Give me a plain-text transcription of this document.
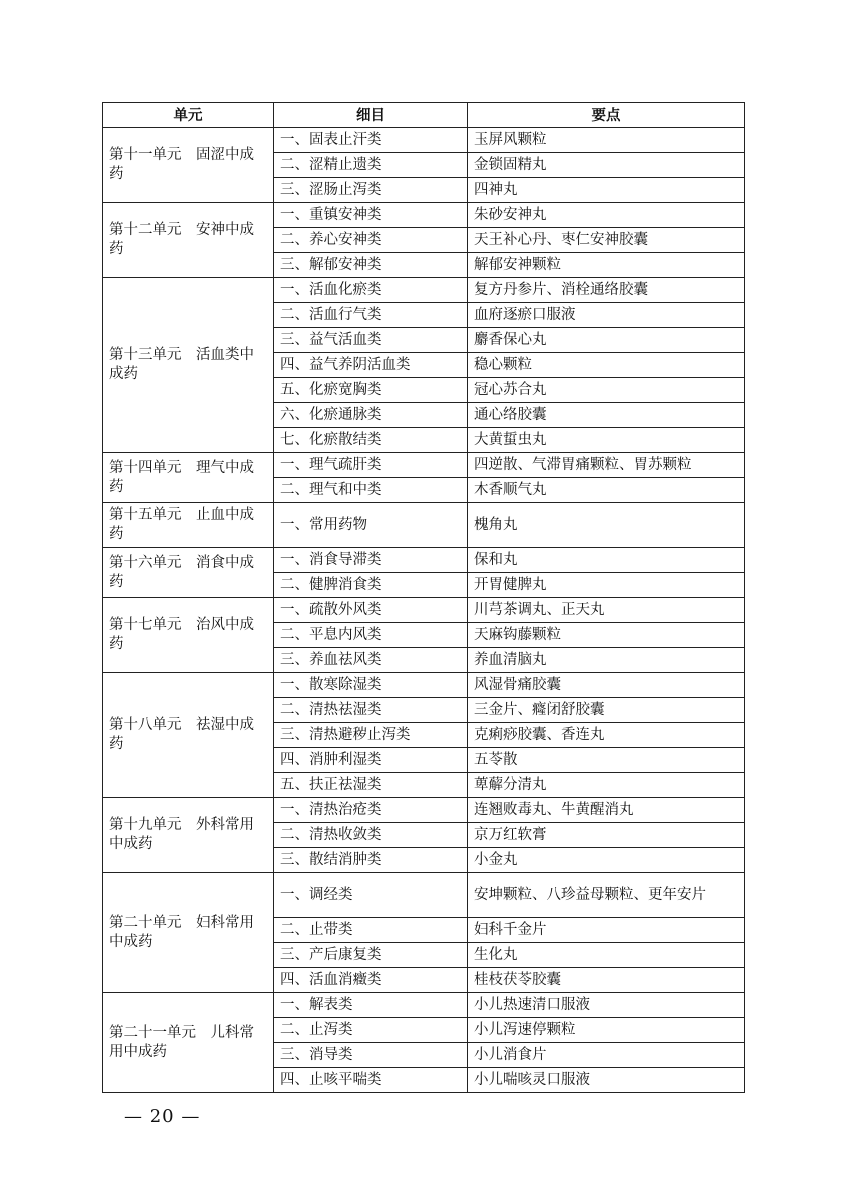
单元	细目	要点
第十一单元　固涩中成药	一、固表止汗类	玉屏风颗粒
	二、涩精止遗类	金锁固精丸
	三、涩肠止泻类	四神丸
第十二单元　安神中成药	一、重镇安神类	朱砂安神丸
	二、养心安神类	天王补心丹、枣仁安神胶囊
	三、解郁安神类	解郁安神颗粒
第十三单元　活血类中成药	一、活血化瘀类	复方丹参片、消栓通络胶囊
	二、活血行气类	血府逐瘀口服液
	三、益气活血类	麝香保心丸
	四、益气养阴活血类	稳心颗粒
	五、化瘀宽胸类	冠心苏合丸
	六、化瘀通脉类	通心络胶囊
	七、化瘀散结类	大黄蜇虫丸
第十四单元　理气中成药	一、理气疏肝类	四逆散、气滞胃痛颗粒、胃苏颗粒
	二、理气和中类	木香顺气丸
第十五单元　止血中成药	一、常用药物	槐角丸
第十六单元　消食中成药	一、消食导滞类	保和丸
	二、健脾消食类	开胃健脾丸
第十七单元　治风中成药	一、疏散外风类	川芎茶调丸、正天丸
	二、平息内风类	天麻钩藤颗粒
	三、养血祛风类	养血清脑丸
第十八单元　祛湿中成药	一、散寒除湿类	风湿骨痛胶囊
	二、清热祛湿类	三金片、癃闭舒胶囊
	三、清热避秽止泻类	克痢痧胶囊、香连丸
	四、消肿利湿类	五苓散
	五、扶正祛湿类	萆薢分清丸
第十九单元　外科常用中成药	一、清热治疮类	连翘败毒丸、牛黄醒消丸
	二、清热收敛类	京万红软膏
	三、散结消肿类	小金丸
第二十单元　妇科常用中成药	一、调经类	安坤颗粒、八珍益母颗粒、更年安片
	二、止带类	妇科千金片
	三、产后康复类	生化丸
	四、活血消癥类	桂枝茯苓胶囊
第二十一单元　儿科常用中成药	一、解表类	小儿热速清口服液
	二、止泻类	小儿泻速停颗粒
	三、消导类	小儿消食片
	四、止咳平喘类	小儿喘咳灵口服液
— 20 —
